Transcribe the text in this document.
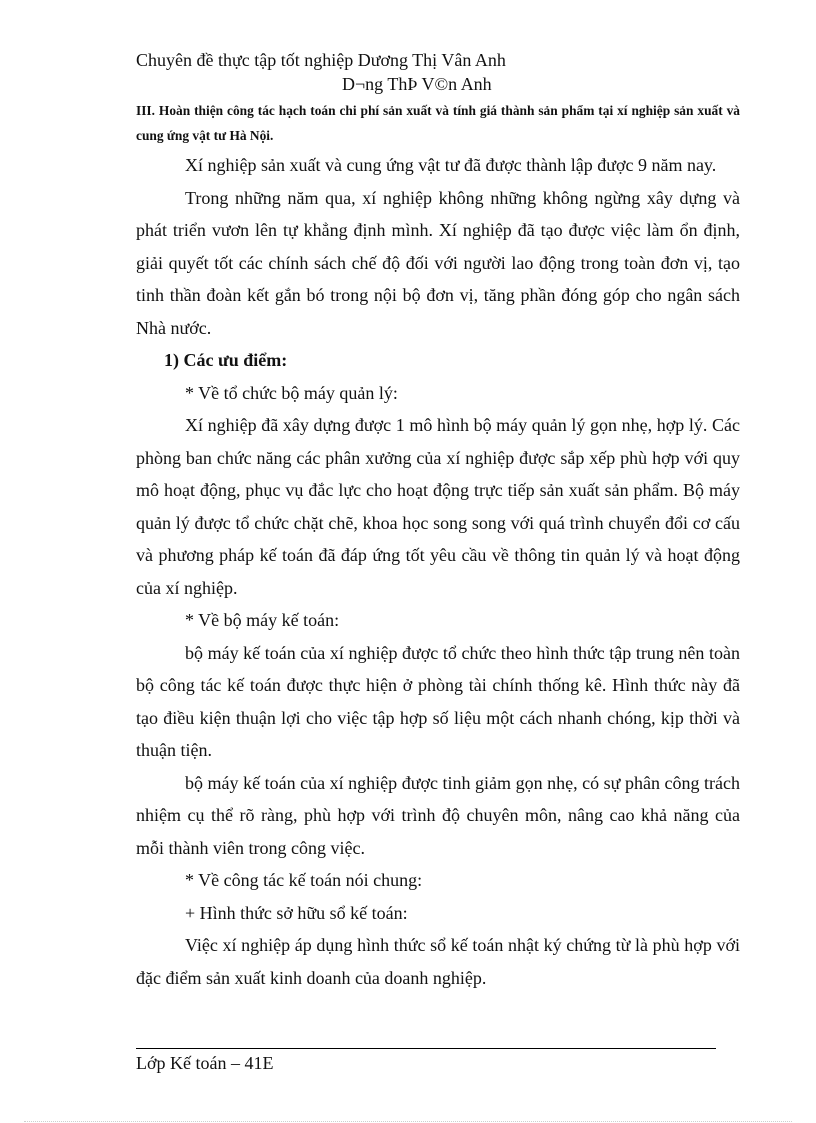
Chuyên đề thực tập tốt nghiệp Dương Thị Vân Anh
D¬ng ThÞ V©n Anh
III. Hoàn thiện công tác hạch toán chi phí sản xuất và tính giá thành sản phẩm tại xí nghiệp sản xuất và cung ứng vật tư Hà Nội.

Xí nghiệp sản xuất và cung ứng vật tư đã được thành lập được 9 năm nay.

Trong những năm qua, xí nghiệp không những không ngừng xây dựng và phát triển vươn lên tự khẳng định mình. Xí nghiệp đã tạo được việc làm ổn định, giải quyết tốt các chính sách chế độ đối với người lao động trong toàn đơn vị, tạo tinh thần đoàn kết gắn bó trong nội bộ đơn vị, tăng phần đóng góp cho ngân sách Nhà nước.

1) Các ưu điểm:

* Về tổ chức bộ máy quản lý:

Xí nghiệp đã xây dựng được 1 mô hình bộ máy quản lý gọn nhẹ, hợp lý. Các phòng ban chức năng các phân xưởng của xí nghiệp được sắp xếp phù hợp với quy mô hoạt động, phục vụ đắc lực cho hoạt động trực tiếp sản xuất sản phẩm. Bộ máy quản lý được tổ chức chặt chẽ, khoa học song song với quá trình chuyển đổi cơ cấu và phương pháp kế toán đã đáp ứng tốt yêu cầu về thông tin quản lý và hoạt động của xí nghiệp.

* Về bộ máy kế toán:

bộ máy kế toán của xí nghiệp được tổ chức theo hình thức tập trung nên toàn bộ công tác kế toán được thực hiện ở phòng tài chính thống kê. Hình thức này đã tạo điều kiện thuận lợi cho việc tập hợp số liệu một cách nhanh chóng, kịp thời và thuận tiện.

bộ máy kế toán của xí nghiệp được tinh giảm gọn nhẹ, có sự phân công trách nhiệm cụ thể rõ ràng, phù hợp với trình độ chuyên môn, nâng cao khả năng của mỗi thành viên trong công việc.

* Về công tác kế toán nói chung:

+ Hình thức sở hữu sổ kế toán:

Việc xí nghiệp áp dụng hình thức sổ kế toán nhật ký chứng từ là phù hợp với đặc điểm sản xuất kinh doanh của doanh nghiệp.

Lớp Kế toán – 41E
